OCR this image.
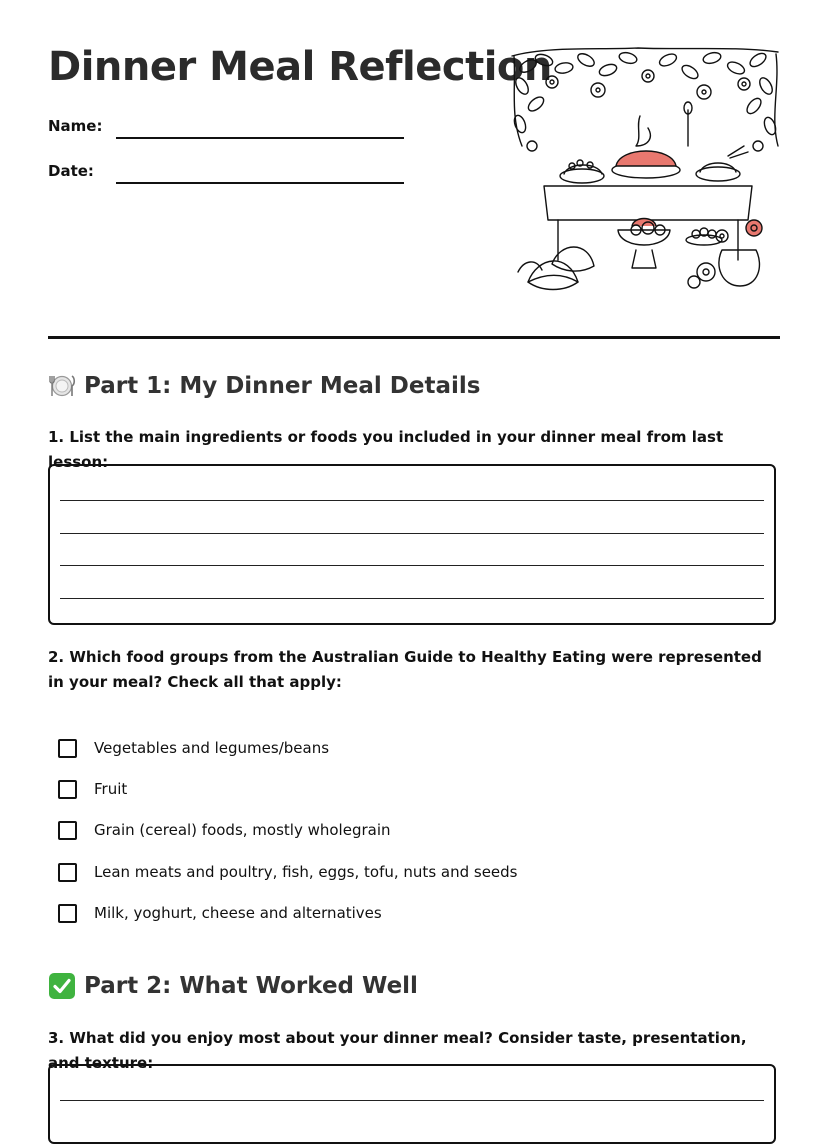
Dinner Meal Reflection
Name:
Date:
Part 1: My Dinner Meal Details

1. List the main ingredients or foods you included in your dinner meal from last lesson:

2. Which food groups from the Australian Guide to Healthy Eating were represented in your meal? Check all that apply:

Vegetables and legumes/beans
Fruit
Grain (cereal) foods, mostly wholegrain
Lean meats and poultry, fish, eggs, tofu, nuts and seeds
Milk, yoghurt, cheese and alternatives
Part 2: What Worked Well

3. What did you enjoy most about your dinner meal? Consider taste, presentation, and texture:
